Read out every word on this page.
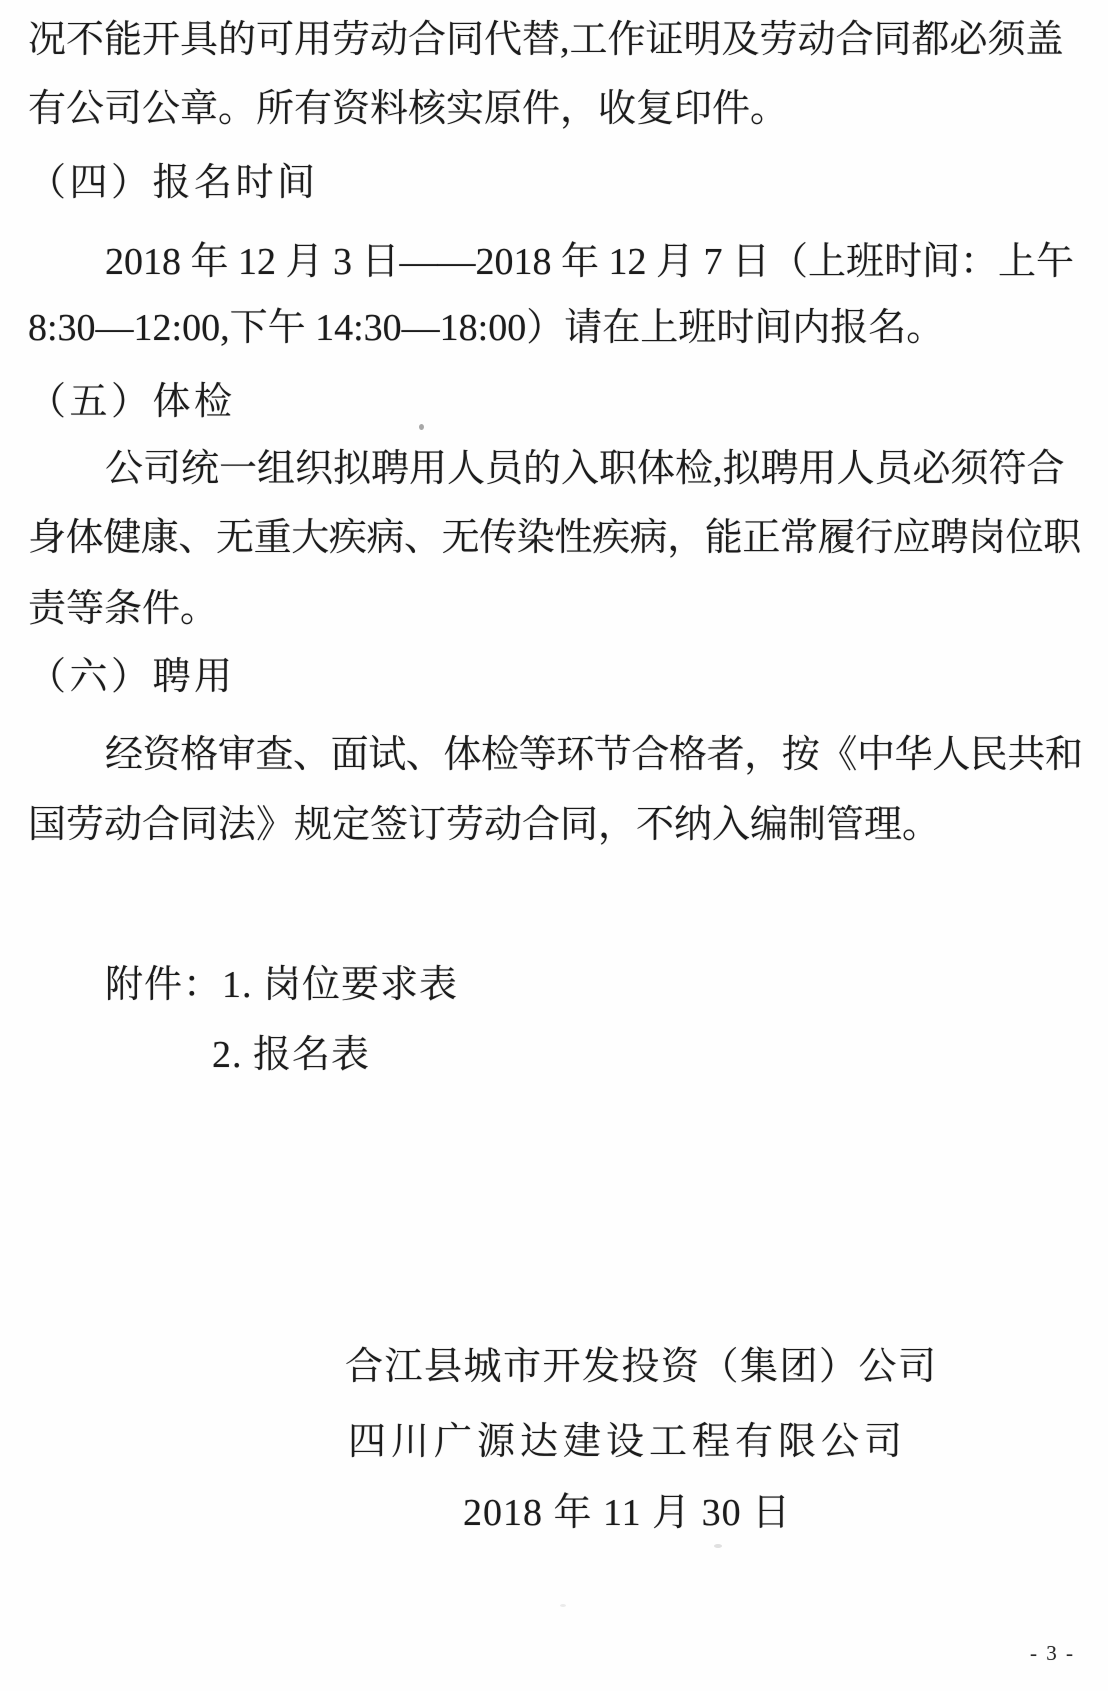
况不能开具的可用劳动合同代替,工作证明及劳动合同都必须盖
有公司公章。所有资料核实原件，收复印件。
（四）报名时间
2018 年 12 月 3 日——2018 年 12 月 7 日（上班时间：上午
8:30—12:00,下午 14:30—18:00）请在上班时间内报名。
（五）体检
公司统一组织拟聘用人员的入职体检,拟聘用人员必须符合
身体健康、无重大疾病、无传染性疾病，能正常履行应聘岗位职
责等条件。
（六）聘用
经资格审查、面试、体检等环节合格者，按《中华人民共和
国劳动合同法》规定签订劳动合同，不纳入编制管理。
附件：1. 岗位要求表
2. 报名表
合江县城市开发投资（集团）公司
四川广源达建设工程有限公司
2018 年 11 月 30 日
- 3 -
